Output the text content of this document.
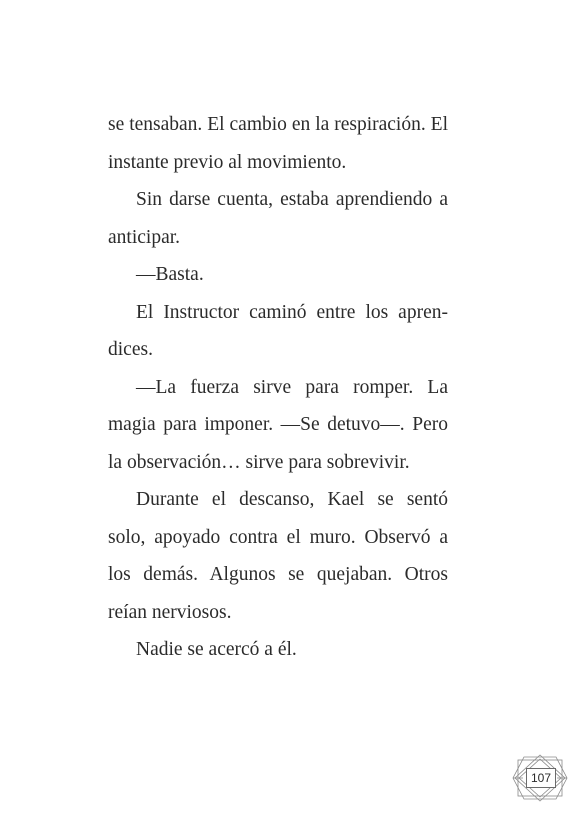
se tensaban. El cambio en la respiración. El instante previo al movimiento.

Sin darse cuenta, estaba aprendiendo a anticipar.

—Basta.

El Instructor caminó entre los aprendices.

—La fuerza sirve para romper. La magia para imponer. —Se detuvo—. Pero la observación… sirve para sobrevivir.

Durante el descanso, Kael se sentó solo, apoyado contra el muro. Observó a los demás. Algunos se quejaban. Otros reían nerviosos.

Nadie se acercó a él.

107
